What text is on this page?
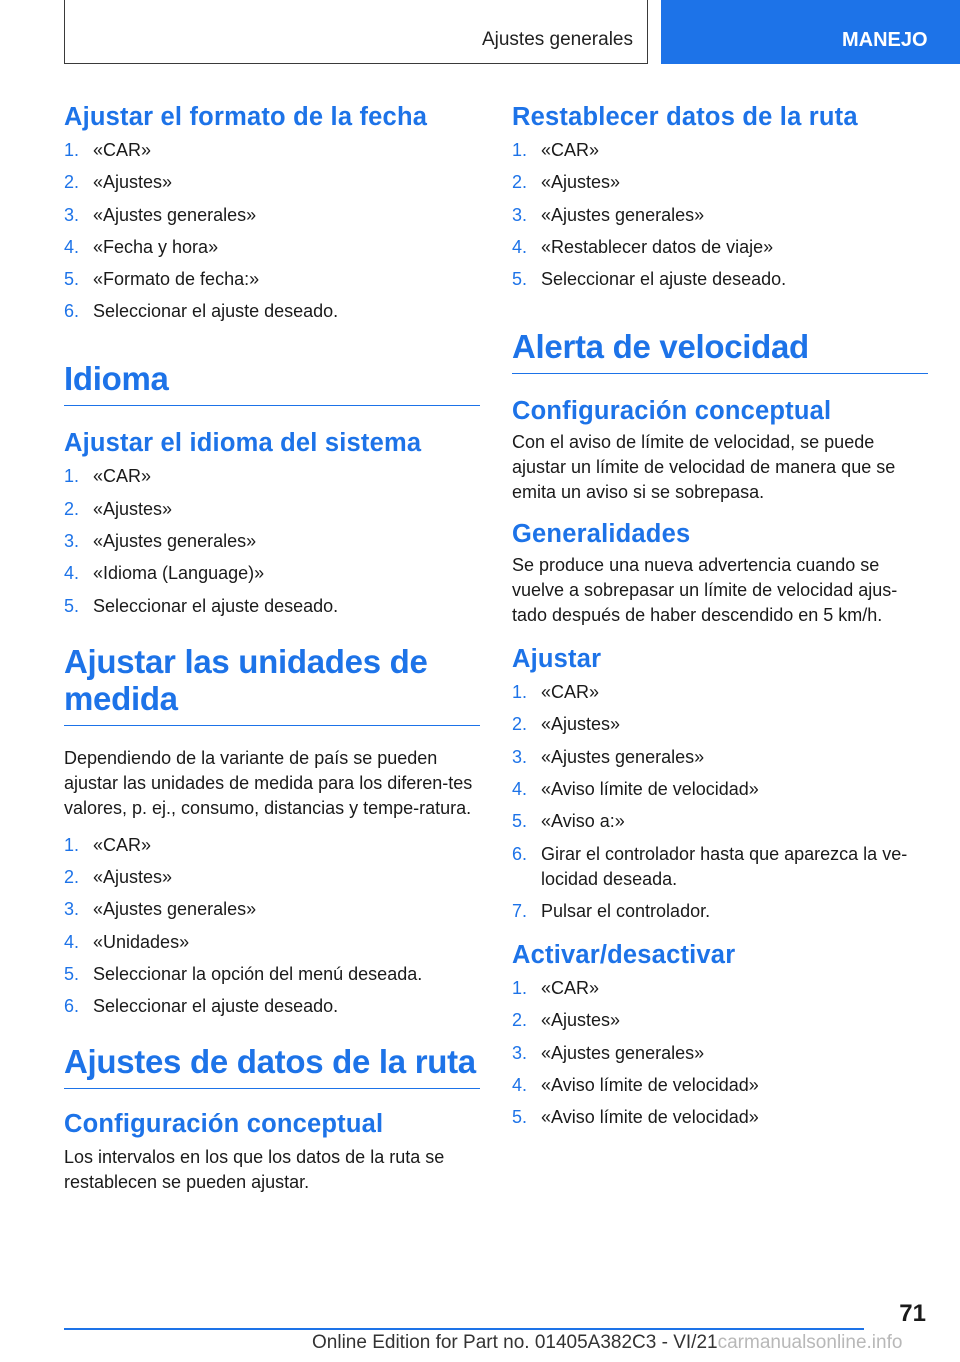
Ajustes generales	MANEJO
Ajustar el formato de la fecha
1. «CAR»
2. «Ajustes»
3. «Ajustes generales»
4. «Fecha y hora»
5. «Formato de fecha:»
6. Seleccionar el ajuste deseado.
Idioma
Ajustar el idioma del sistema
1. «CAR»
2. «Ajustes»
3. «Ajustes generales»
4. «Idioma (Language)»
5. Seleccionar el ajuste deseado.
Ajustar las unidades de medida

Dependiendo de la variante de país se pueden ajustar las unidades de medida para los diferen‐tes valores, p. ej., consumo, distancias y tempe‐ratura.

1. «CAR»
2. «Ajustes»
3. «Ajustes generales»
4. «Unidades»
5. Seleccionar la opción del menú deseada.
6. Seleccionar el ajuste deseado.
Ajustes de datos de la ruta
Configuración conceptual

Los intervalos en los que los datos de la ruta se restablecen se pueden ajustar.

Restablecer datos de la ruta
1. «CAR»
2. «Ajustes»
3. «Ajustes generales»
4. «Restablecer datos de viaje»
5. Seleccionar el ajuste deseado.
Alerta de velocidad
Configuración conceptual

Con el aviso de límite de velocidad, se puede ajustar un límite de velocidad de manera que se emita un aviso si se sobrepasa.

Generalidades

Se produce una nueva advertencia cuando se vuelve a sobrepasar un límite de velocidad ajus‐tado después de haber descendido en 5 km/h.

Ajustar
1. «CAR»
2. «Ajustes»
3. «Ajustes generales»
4. «Aviso límite de velocidad»
5. «Aviso a:»
6. Girar el controlador hasta que aparezca la ve‐locidad deseada.
7. Pulsar el controlador.
Activar/desactivar
1. «CAR»
2. «Ajustes»
3. «Ajustes generales»
4. «Aviso límite de velocidad»
5. «Aviso límite de velocidad»
71
Online Edition for Part no. 01405A382C3 - VI/21carmanualsonline.info
